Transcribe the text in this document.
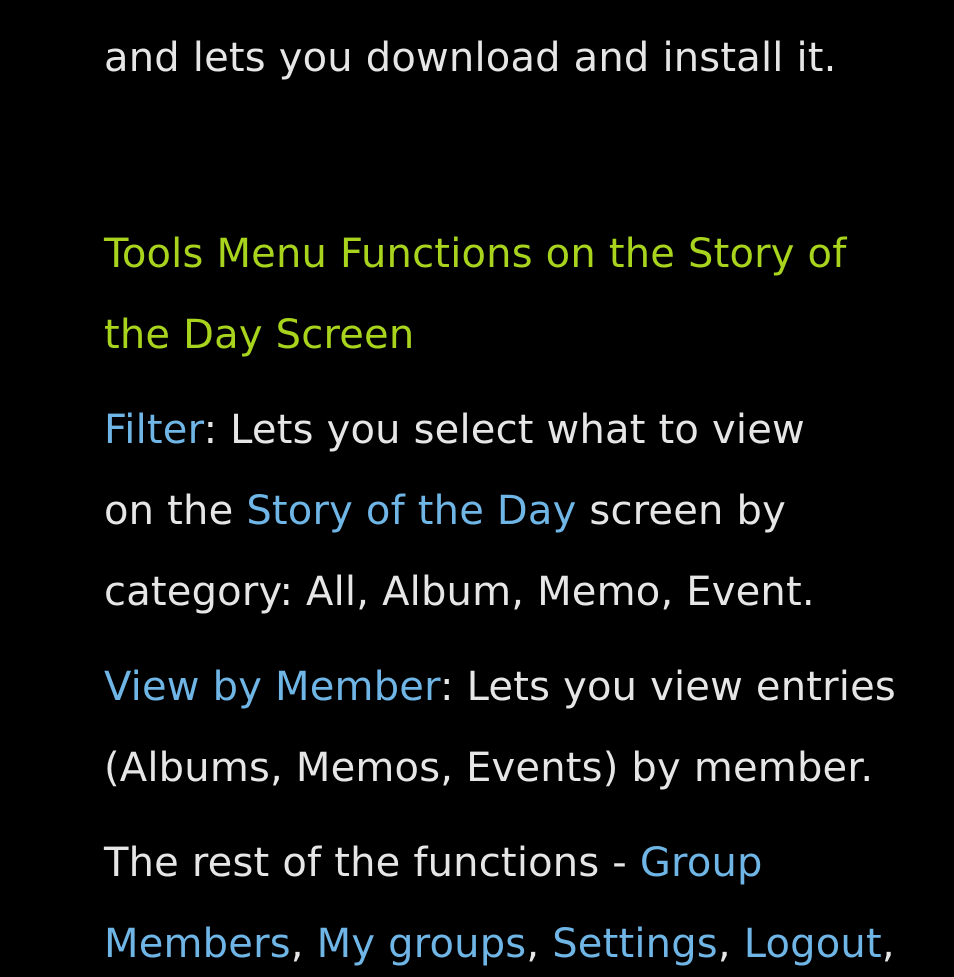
and lets you download and install it.
Tools Menu Functions on the Story of
the Day Screen
Filter: Lets you select what to view
on the Story of the Day screen by
category: All, Album, Memo, Event.
View by Member: Lets you view entries
(Albums, Memos, Events) by member.
The rest of the functions - Group
Members, My groups, Settings, Logout,
